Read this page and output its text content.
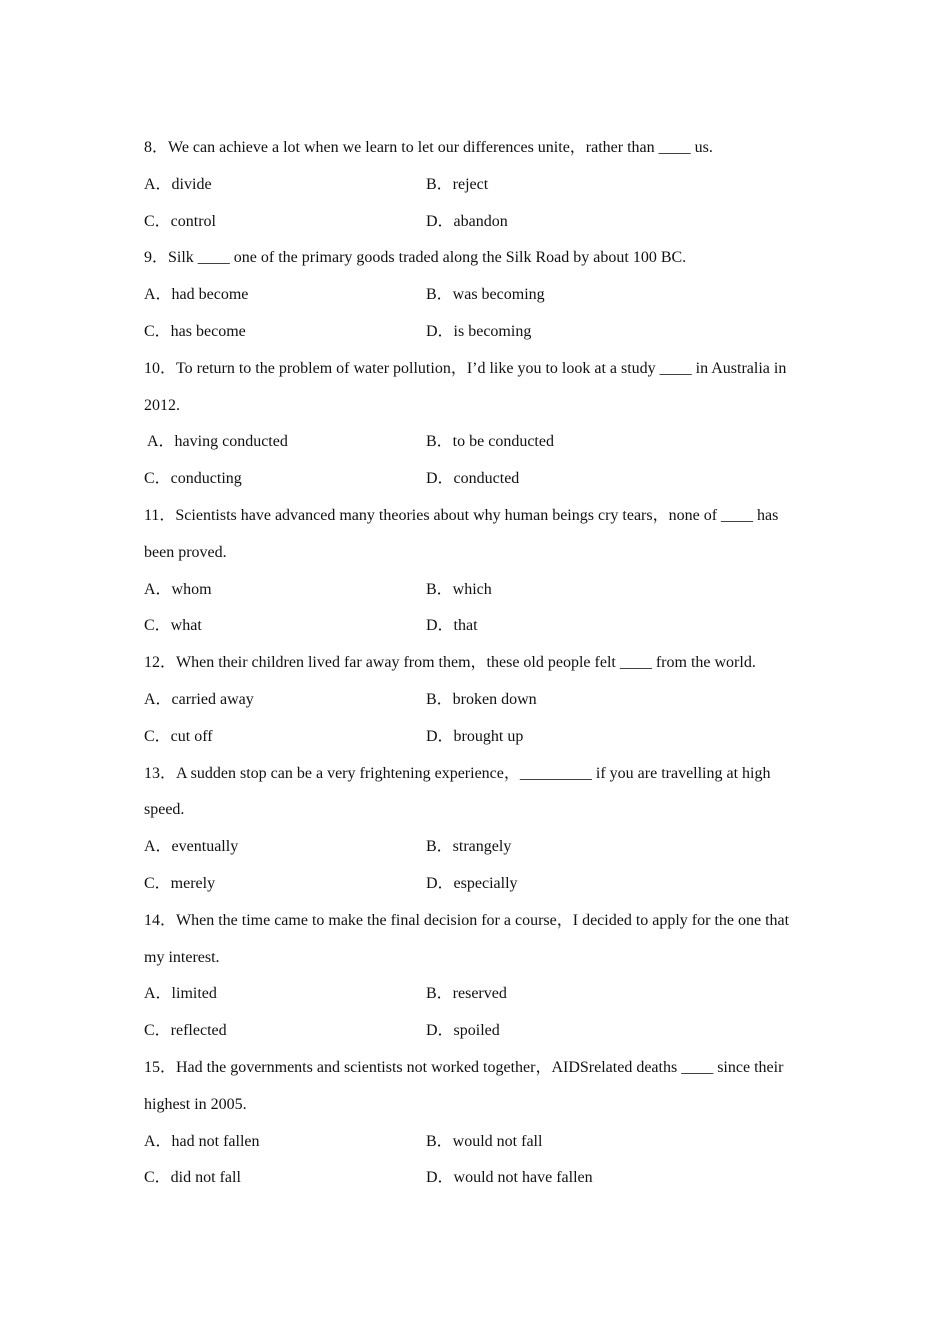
8．We can achieve a lot when we learn to let our differences unite，rather than ____ us.
A．divide	B．reject
C．control	D．abandon
9．Silk ____ one of the primary goods traded along the Silk Road by about 100 BC.
A．had become	B．was becoming
C．has become	D．is becoming
10．To return to the problem of water pollution，I’d like you to look at a study ____ in Australia in
2012.
A．having conducted	B．to be conducted
C．conducting	D．conducted
11．Scientists have advanced many theories about why human beings cry tears，none of ____ has
been proved.
A．whom	B．which
C．what	D．that
12．When their children lived far away from them，these old people felt ____ from the world.
A．carried away	B．broken down
C．cut off	D．brought up
13．A sudden stop can be a very frightening experience，_________ if you are travelling at high
speed.
A．eventually	B．strangely
C．merely	D．especially
14．When the time came to make the final decision for a course，I decided to apply for the one that
my interest.
A．limited	B．reserved
C．reflected	D．spoiled
15．Had the governments and scientists not worked together，AIDSrelated deaths ____ since their
highest in 2005.
A．had not fallen	B．would not fall
C．did not fall	D．would not have fallen
